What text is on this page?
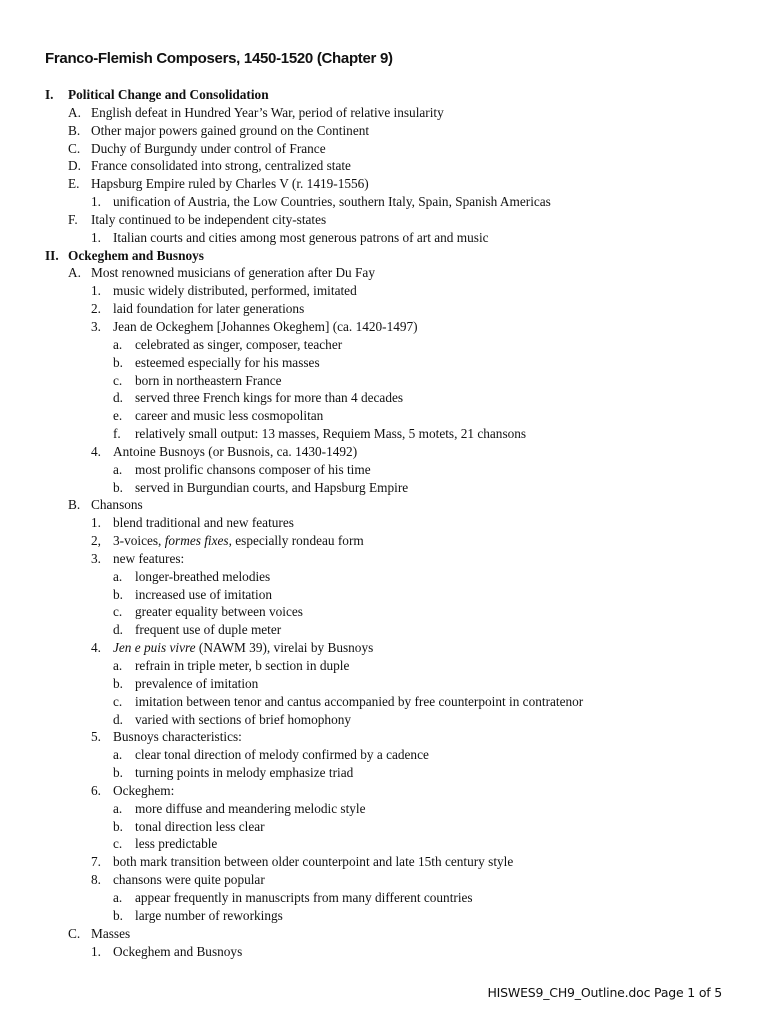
Franco-Flemish Composers, 1450-1520 (Chapter 9)
I. Political Change and Consolidation
A. English defeat in Hundred Year’s War, period of relative insularity
B. Other major powers gained ground on the Continent
C. Duchy of Burgundy under control of France
D. France consolidated into strong, centralized state
E. Hapsburg Empire ruled by Charles V (r. 1419-1556)
1. unification of Austria, the Low Countries, southern Italy, Spain, Spanish Americas
F. Italy continued to be independent city-states
1. Italian courts and cities among most generous patrons of art and music
II. Ockeghem and Busnoys
A. Most renowned musicians of generation after Du Fay
1. music widely distributed, performed, imitated
2. laid foundation for later generations
3. Jean de Ockeghem [Johannes Okeghem] (ca. 1420-1497)
a. celebrated as singer, composer, teacher
b. esteemed especially for his masses
c. born in northeastern France
d. served three French kings for more than 4 decades
e. career and music less cosmopolitan
f. relatively small output: 13 masses, Requiem Mass, 5 motets, 21 chansons
4. Antoine Busnoys (or Busnois, ca. 1430-1492)
a. most prolific chansons composer of his time
b. served in Burgundian courts, and Hapsburg Empire
B. Chansons
1. blend traditional and new features
2, 3-voices, formes fixes, especially rondeau form
3. new features:
a. longer-breathed melodies
b. increased use of imitation
c. greater equality between voices
d. frequent use of duple meter
4. Jen e puis vivre (NAWM 39), virelai by Busnoys
a. refrain in triple meter, b section in duple
b. prevalence of imitation
c. imitation between tenor and cantus accompanied by free counterpoint in contratenor
d. varied with sections of brief homophony
5. Busnoys characteristics:
a. clear tonal direction of melody confirmed by a cadence
b. turning points in melody emphasize triad
6. Ockeghem:
a. more diffuse and meandering melodic style
b. tonal direction less clear
c. less predictable
7. both mark transition between older counterpoint and late 15th century style
8. chansons were quite popular
a. appear frequently in manuscripts from many different countries
b. large number of reworkings
C. Masses
1. Ockeghem and Busnoys
HISWES9_CH9_Outline.doc Page 1 of 5
